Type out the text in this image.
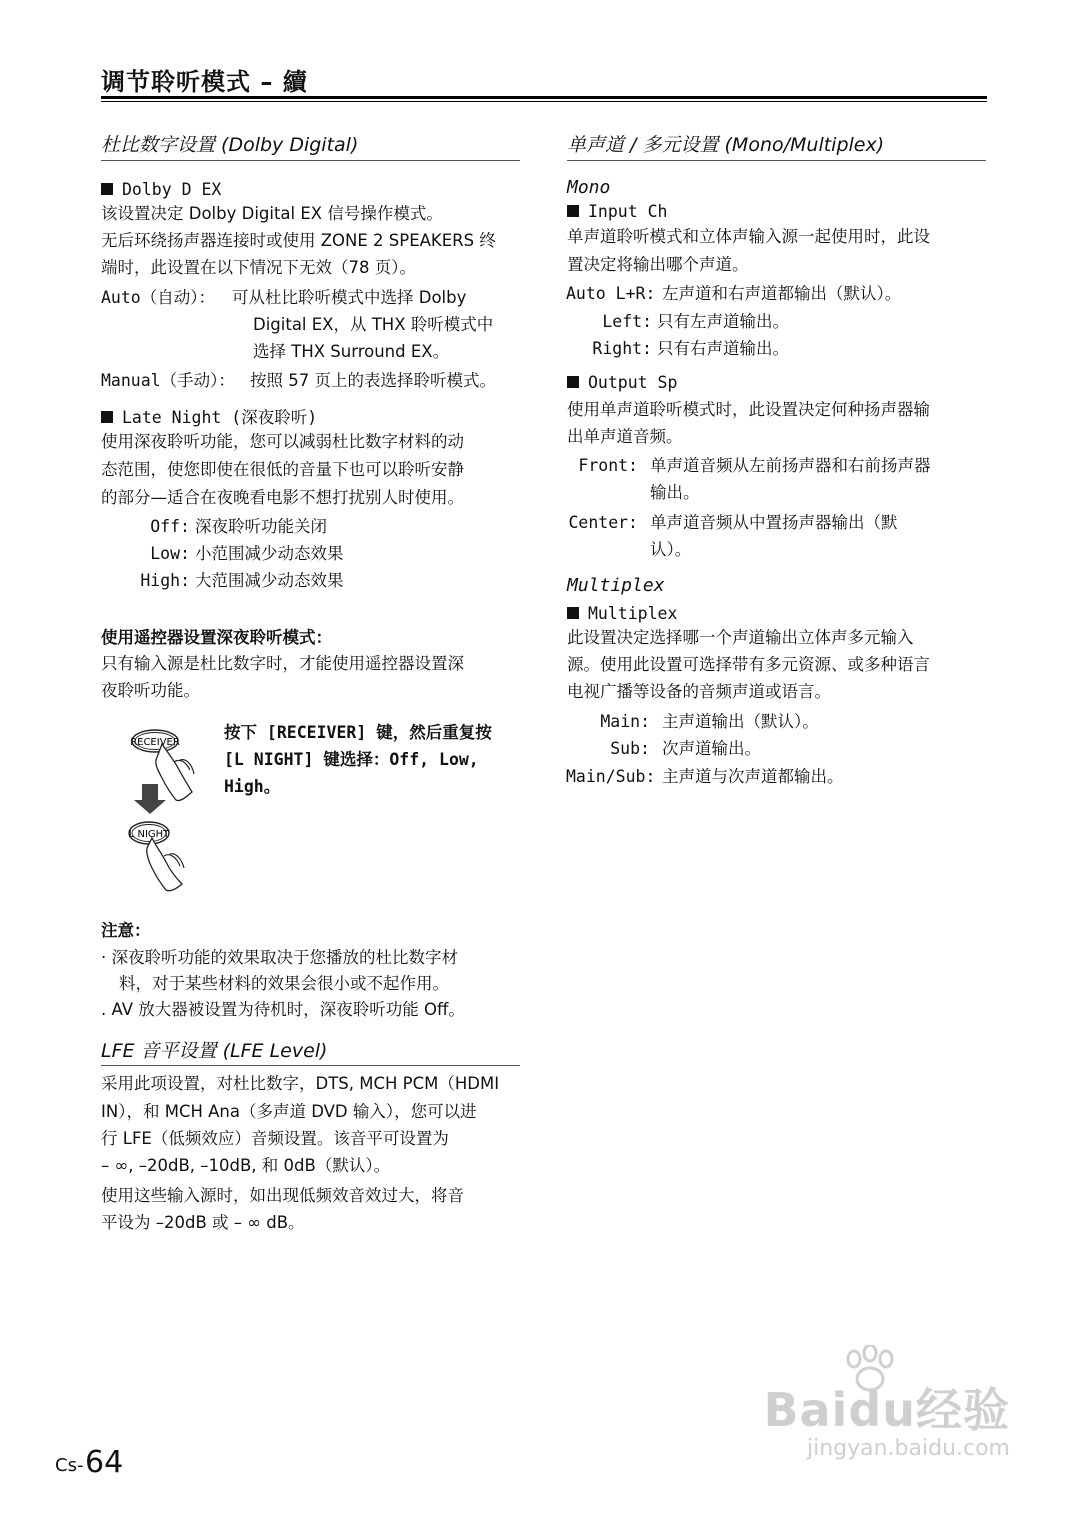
调节聆听模式 – 續
杜比数字设置 (Dolby Digital)
Dolby D EX
该设置决定 Dolby Digital EX 信号操作模式。
无后环绕扬声器连接时或使用 ZONE 2 SPEAKERS 终
端时，此设置在以下情况下无效（78 页）。
Auto（自动）： 可从杜比聆听模式中选择 Dolby
Digital EX，从 THX 聆听模式中
选择 THX Surround EX。
Manual（手动）： 按照 57 页上的表选择聆听模式。
Late Night (深夜聆听)
使用深夜聆听功能，您可以减弱杜比数字材料的动
态范围，使您即使在很低的音量下也可以聆听安静
的部分—适合在夜晚看电影不想打扰别人时使用。
Off: 深夜聆听功能关闭
Low: 小范围减少动态效果
High: 大范围减少动态效果
使用遥控器设置深夜聆听模式：
只有输入源是杜比数字时，才能使用遥控器设置深
夜聆听功能。
RECEIVER
L NIGHT
按下 [RECEIVER] 键，然后重复按
[L NIGHT] 键选择：Off, Low,
High。
注意：
· 深夜聆听功能的效果取决于您播放的杜比数字材
料，对于某些材料的效果会很小或不起作用。
. AV 放大器被设置为待机时，深夜聆听功能 Off。
LFE 音平设置 (LFE Level)
采用此项设置，对杜比数字，DTS, MCH PCM（HDMI
IN），和 MCH Ana（多声道 DVD 输入），您可以进
行 LFE（低频效应）音频设置。该音平可设置为
– ∞, –20dB, –10dB, 和 0dB（默认）。
使用这些输入源时，如出现低频效音效过大，将音
平设为 –20dB 或 – ∞ dB。
单声道 / 多元设置 (Mono/Multiplex)
Mono
Input Ch
单声道聆听模式和立体声输入源一起使用时，此设
置决定将输出哪个声道。
Auto L+R: 左声道和右声道都输出（默认）。
Left: 只有左声道输出。
Right: 只有右声道输出。
Output Sp
使用单声道聆听模式时，此设置决定何种扬声器输
出单声道音频。
Front: 单声道音频从左前扬声器和右前扬声器
输出。
Center: 单声道音频从中置扬声器输出（默
认）。
Multiplex
Multiplex
此设置决定选择哪一个声道输出立体声多元输入
源。使用此设置可选择带有多元资源、或多种语言
电视广播等设备的音频声道或语言。
Main: 主声道输出（默认）。
Sub: 次声道输出。
Main/Sub: 主声道与次声道都输出。
Cs- 64
Baidu经验
jingyan.baidu.com
